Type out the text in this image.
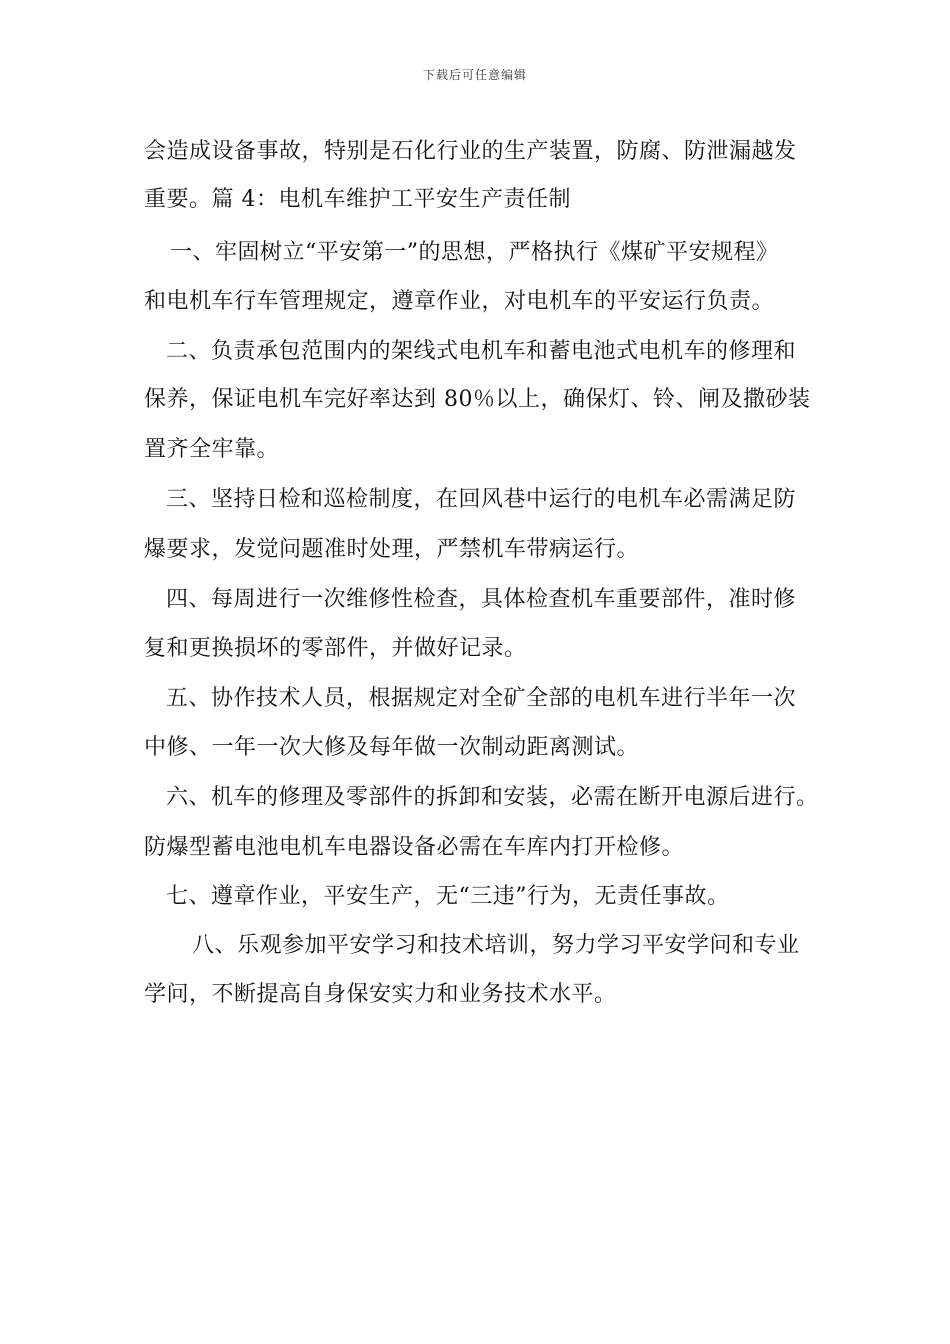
下载后可任意编辑
会造成设备事故，特别是石化行业的生产装置，防腐、防泄漏越发
重要。篇 4：电机车维护工平安生产责任制
一、牢固树立“平安第一”的思想，严格执行《煤矿平安规程》
和电机车行车管理规定，遵章作业，对电机车的平安运行负责。
二、负责承包范围内的架线式电机车和蓄电池式电机车的修理和
保养，保证电机车完好率达到 80％以上，确保灯、铃、闸及撒砂装
置齐全牢靠。
三、坚持日检和巡检制度，在回风巷中运行的电机车必需满足防
爆要求，发觉问题准时处理，严禁机车带病运行。
四、每周进行一次维修性检查，具体检查机车重要部件，准时修
复和更换损坏的零部件，并做好记录。
五、协作技术人员，根据规定对全矿全部的电机车进行半年一次
中修、一年一次大修及每年做一次制动距离测试。
六、机车的修理及零部件的拆卸和安装，必需在断开电源后进行。
防爆型蓄电池电机车电器设备必需在车库内打开检修。
七、遵章作业，平安生产，无“三违”行为，无责任事故。
八、乐观参加平安学习和技术培训，努力学习平安学问和专业
学问，不断提高自身保安实力和业务技术水平。
